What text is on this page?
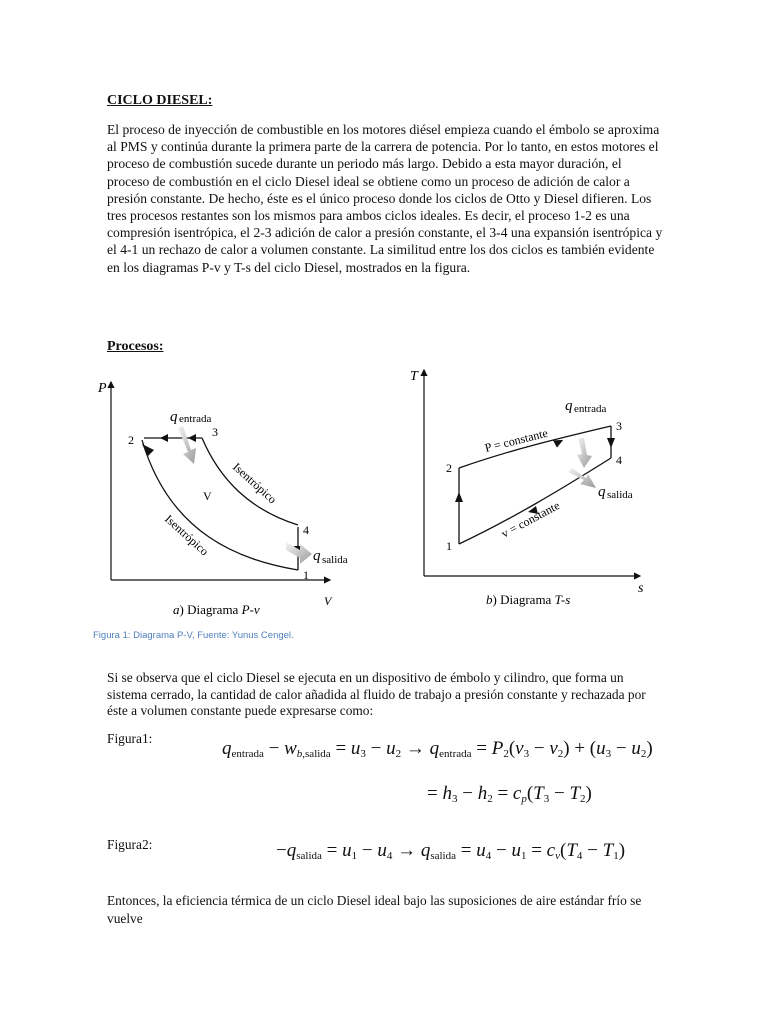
CICLO DIESEL:
El proceso de inyección de combustible en los motores diésel empieza cuando el émbolo se aproxima al PMS y continúa durante la primera parte de la carrera de potencia. Por lo tanto, en estos motores el proceso de combustión sucede durante un periodo más largo. Debido a esta mayor duración, el proceso de combustión en el ciclo Diesel ideal se obtiene como un proceso de adición de calor a presión constante. De hecho, éste es el único proceso donde los ciclos de Otto y Diesel difieren. Los tres procesos restantes son los mismos para ambos ciclos ideales. Es decir, el proceso 1-2 es una compresión isentrópica, el 2-3 adición de calor a presión constante, el 3-4 una expansión isentrópica y el 4-1 un rechazo de calor a volumen constante. La similitud entre los dos ciclos es también evidente en los diagramas P-v y T-s del ciclo Diesel, mostrados en la figura.
Procesos:
P
V
q entrada
q salida
2
3
4
1
V Isentrópico
Isentrópico
a) Diagrama P-v
T
s
q entrada
q salida
1
2
3
4
P = constante
v = constante
b) Diagrama T-s
Figura 1: Diagrama P-V, Fuente: Yunus Cengel.
Si se observa que el ciclo Diesel se ejecuta en un dispositivo de émbolo y cilindro, que forma un sistema cerrado, la cantidad de calor añadida al fluido de trabajo a presión constante y rechazada por éste a volumen constante puede expresarse como:
Figura1:	$q_{entrada} - w_{b,salida} = u_3 - u_2 \to q_{entrada} = P_2(v_3 - v_2) + (u_3 - u_2)$
= $h_3 - h_2 = c_p(T_3 - T_2)$
Figura2:	$-q_{salida} = u_1 - u_4 \to q_{salida} = u_4 - u_1 = c_v(T_4 - T_1)$
Entonces, la eficiencia térmica de un ciclo Diesel ideal bajo las suposiciones de aire estándar frío se vuelve
